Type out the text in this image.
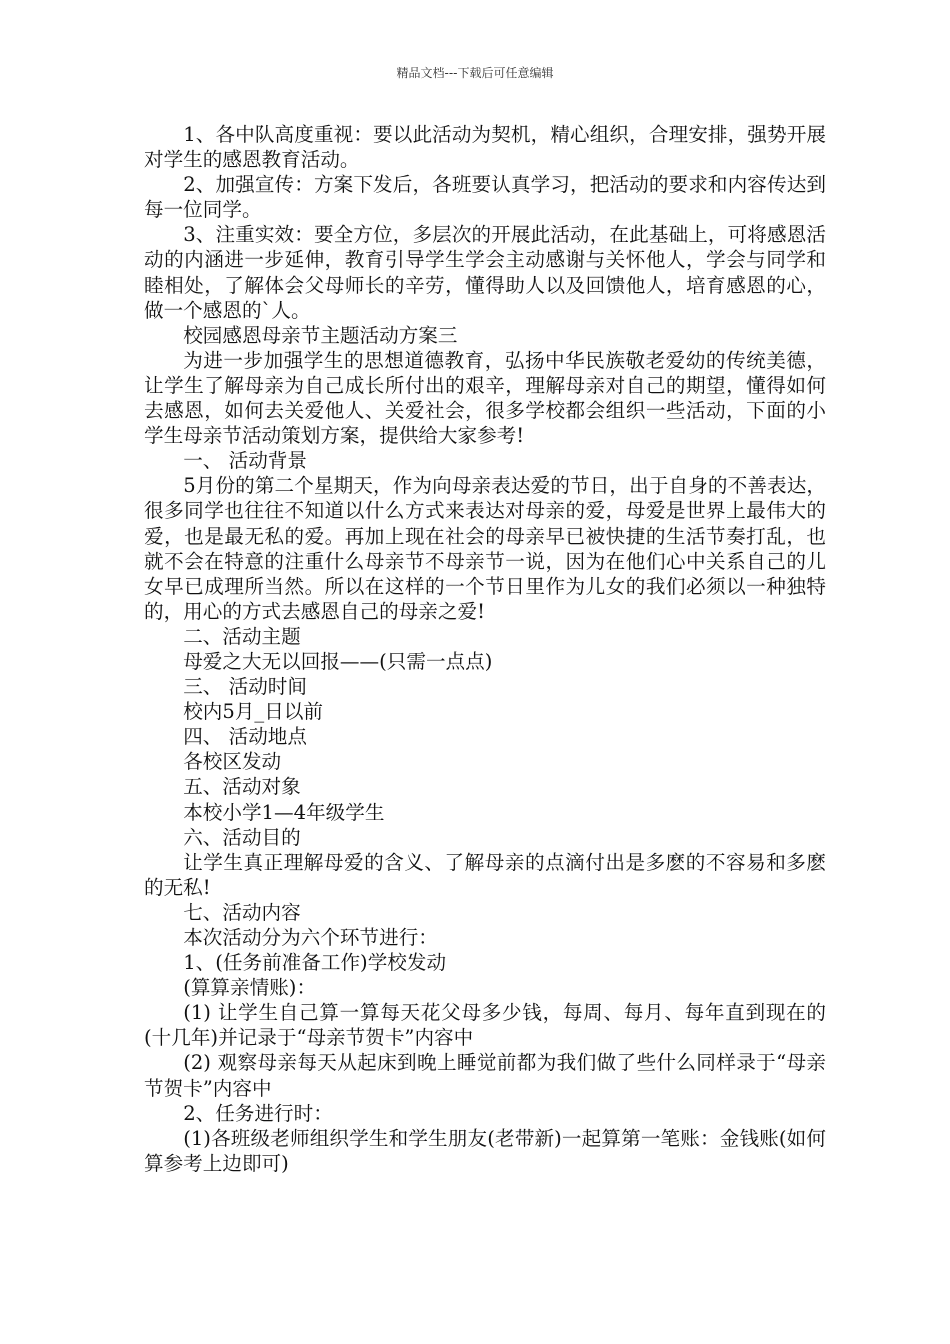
精品文档---下载后可任意编辑

1、各中队高度重视：要以此活动为契机，精心组织，合理安排，强势开展对学生的感恩教育活动。

2、加强宣传：方案下发后，各班要认真学习，把活动的要求和内容传达到每一位同学。

3、注重实效：要全方位，多层次的开展此活动，在此基础上，可将感恩活动的内涵进一步延伸，教育引导学生学会主动感谢与关怀他人，学会与同学和睦相处，了解体会父母师长的辛劳，懂得助人以及回馈他人，培育感恩的心，做一个感恩的`人。

校园感恩母亲节主题活动方案三

为进一步加强学生的思想道德教育，弘扬中华民族敬老爱幼的传统美德，让学生了解母亲为自己成长所付出的艰辛，理解母亲对自己的期望，懂得如何去感恩，如何去关爱他人、关爱社会，很多学校都会组织一些活动，下面的小学生母亲节活动策划方案，提供给大家参考!

一、 活动背景

5月份的第二个星期天，作为向母亲表达爱的节日，出于自身的不善表达，很多同学也往往不知道以什么方式来表达对母亲的爱，母爱是世界上最伟大的爱，也是最无私的爱。再加上现在社会的母亲早已被快捷的生活节奏打乱，也就不会在特意的注重什么母亲节不母亲节一说，因为在他们心中关系自己的儿女早已成理所当然。所以在这样的一个节日里作为儿女的我们必须以一种独特的，用心的方式去感恩自己的母亲之爱!

二、活动主题

母爱之大无以回报——(只需一点点)

三、 活动时间

校内5月_日以前

四、 活动地点

各校区发动

五、活动对象

本校小学1—4年级学生

六、活动目的

让学生真正理解母爱的含义、了解母亲的点滴付出是多麽的不容易和多麽的无私!

七、活动内容

本次活动分为六个环节进行：

1、(任务前准备工作)学校发动

(算算亲情账)：

(1) 让学生自己算一算每天花父母多少钱，每周、每月、每年直到现在的(十几年)并记录于“母亲节贺卡”内容中

(2) 观察母亲每天从起床到晚上睡觉前都为我们做了些什么同样录于“母亲节贺卡”内容中

2、任务进行时：

(1)各班级老师组织学生和学生朋友(老带新)一起算第一笔账：金钱账(如何算参考上边即可)
